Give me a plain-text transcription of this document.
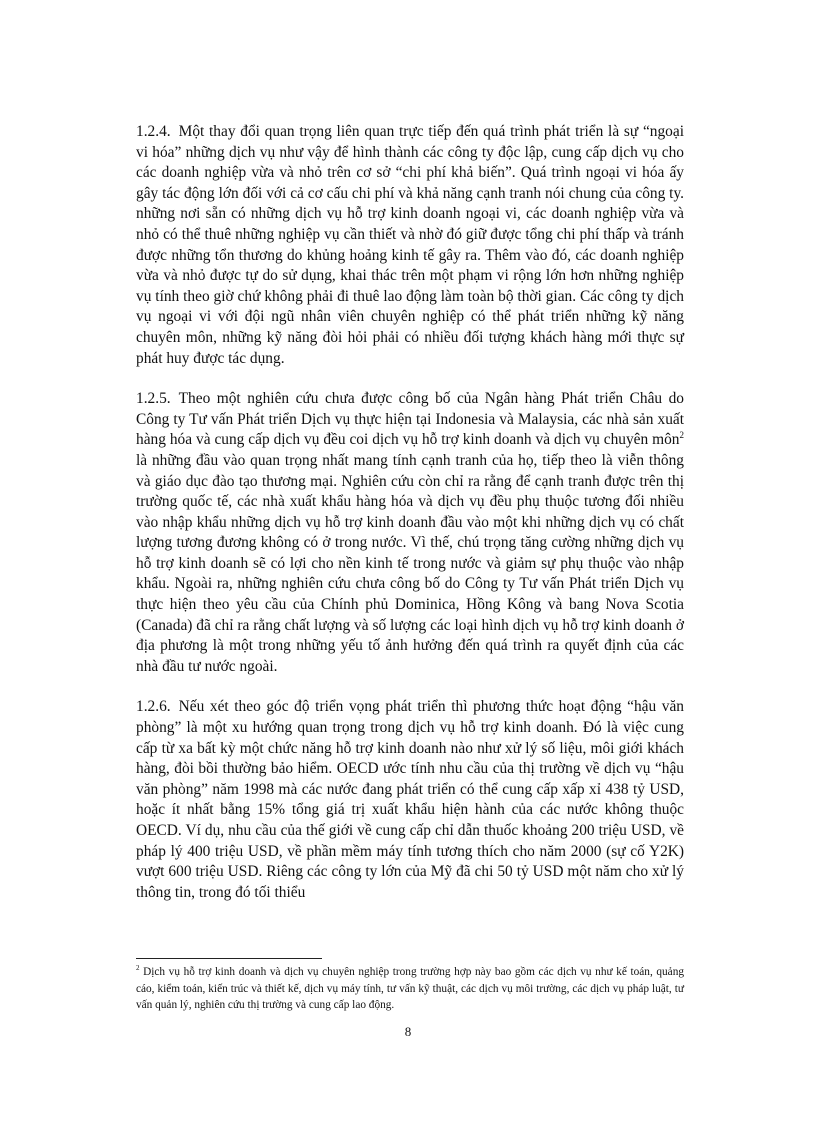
1.2.4. Một thay đổi quan trọng liên quan trực tiếp đến quá trình phát triển là sự “ngoại vi hóa” những dịch vụ như vậy để hình thành các công ty độc lập, cung cấp dịch vụ cho các doanh nghiệp vừa và nhỏ trên cơ sở “chi phí khả biến”. Quá trình ngoại vi hóa ấy gây tác động lớn đối với cả cơ cấu chi phí và khả năng cạnh tranh nói chung của công ty. những nơi sẵn có những dịch vụ hỗ trợ kinh doanh ngoại vi, các doanh nghiệp vừa và nhỏ có thể thuê những nghiệp vụ cần thiết và nhờ đó giữ được tổng chi phí thấp và tránh được những tổn thương do khủng hoảng kinh tế gây ra. Thêm vào đó, các doanh nghiệp vừa và nhỏ được tự do sử dụng, khai thác trên một phạm vi rộng lớn hơn những nghiệp vụ tính theo giờ chứ không phải đi thuê lao động làm toàn bộ thời gian. Các công ty dịch vụ ngoại vi với đội ngũ nhân viên chuyên nghiệp có thể phát triển những kỹ năng chuyên môn, những kỹ năng đòi hỏi phải có nhiều đối tượng khách hàng mới thực sự phát huy được tác dụng.

1.2.5. Theo một nghiên cứu chưa được công bố của Ngân hàng Phát triển Châu do Công ty Tư vấn Phát triển Dịch vụ thực hiện tại Indonesia và Malaysia, các nhà sản xuất hàng hóa và cung cấp dịch vụ đều coi dịch vụ hỗ trợ kinh doanh và dịch vụ chuyên môn$^2$ là những đầu vào quan trọng nhất mang tính cạnh tranh của họ, tiếp theo là viễn thông và giáo dục đào tạo thương mại. Nghiên cứu còn chỉ ra rằng để cạnh tranh được trên thị trường quốc tế, các nhà xuất khẩu hàng hóa và dịch vụ đều phụ thuộc tương đối nhiều vào nhập khẩu những dịch vụ hỗ trợ kinh doanh đầu vào một khi những dịch vụ có chất lượng tương đương không có ở trong nước. Vì thế, chú trọng tăng cường những dịch vụ hỗ trợ kinh doanh sẽ có lợi cho nền kinh tế trong nước và giảm sự phụ thuộc vào nhập khẩu. Ngoài ra, những nghiên cứu chưa công bố do Công ty Tư vấn Phát triển Dịch vụ thực hiện theo yêu cầu của Chính phủ Dominica, Hồng Kông và bang Nova Scotia (Canada) đã chỉ ra rằng chất lượng và số lượng các loại hình dịch vụ hỗ trợ kinh doanh ở địa phương là một trong những yếu tố ảnh hưởng đến quá trình ra quyết định của các nhà đầu tư nước ngoài.

1.2.6. Nếu xét theo góc độ triển vọng phát triển thì phương thức hoạt động “hậu văn phòng” là một xu hướng quan trọng trong dịch vụ hỗ trợ kinh doanh. Đó là việc cung cấp từ xa bất kỳ một chức năng hỗ trợ kinh doanh nào như xử lý số liệu, môi giới khách hàng, đòi bồi thường bảo hiểm. OECD ước tính nhu cầu của thị trường về dịch vụ “hậu văn phòng” năm 1998 mà các nước đang phát triển có thể cung cấp xấp xỉ 438 tỷ USD, hoặc ít nhất bằng 15% tổng giá trị xuất khẩu hiện hành của các nước không thuộc OECD. Ví dụ, nhu cầu của thế giới về cung cấp chỉ dẫn thuốc khoảng 200 triệu USD, về pháp lý 400 triệu USD, về phần mềm máy tính tương thích cho năm 2000 (sự cố Y2K) vượt 600 triệu USD. Riêng các công ty lớn của Mỹ đã chi 50 tỷ USD một năm cho xử lý thông tin, trong đó tối thiểu

$^2$ Dịch vụ hỗ trợ kinh doanh và dịch vụ chuyên nghiệp trong trường hợp này bao gồm các dịch vụ như kế toán, quảng cáo, kiểm toán, kiến trúc và thiết kế, dịch vụ máy tính, tư vấn kỹ thuật, các dịch vụ môi trường, các dịch vụ pháp luật, tư vấn quản lý, nghiên cứu thị trường và cung cấp lao động.

8
